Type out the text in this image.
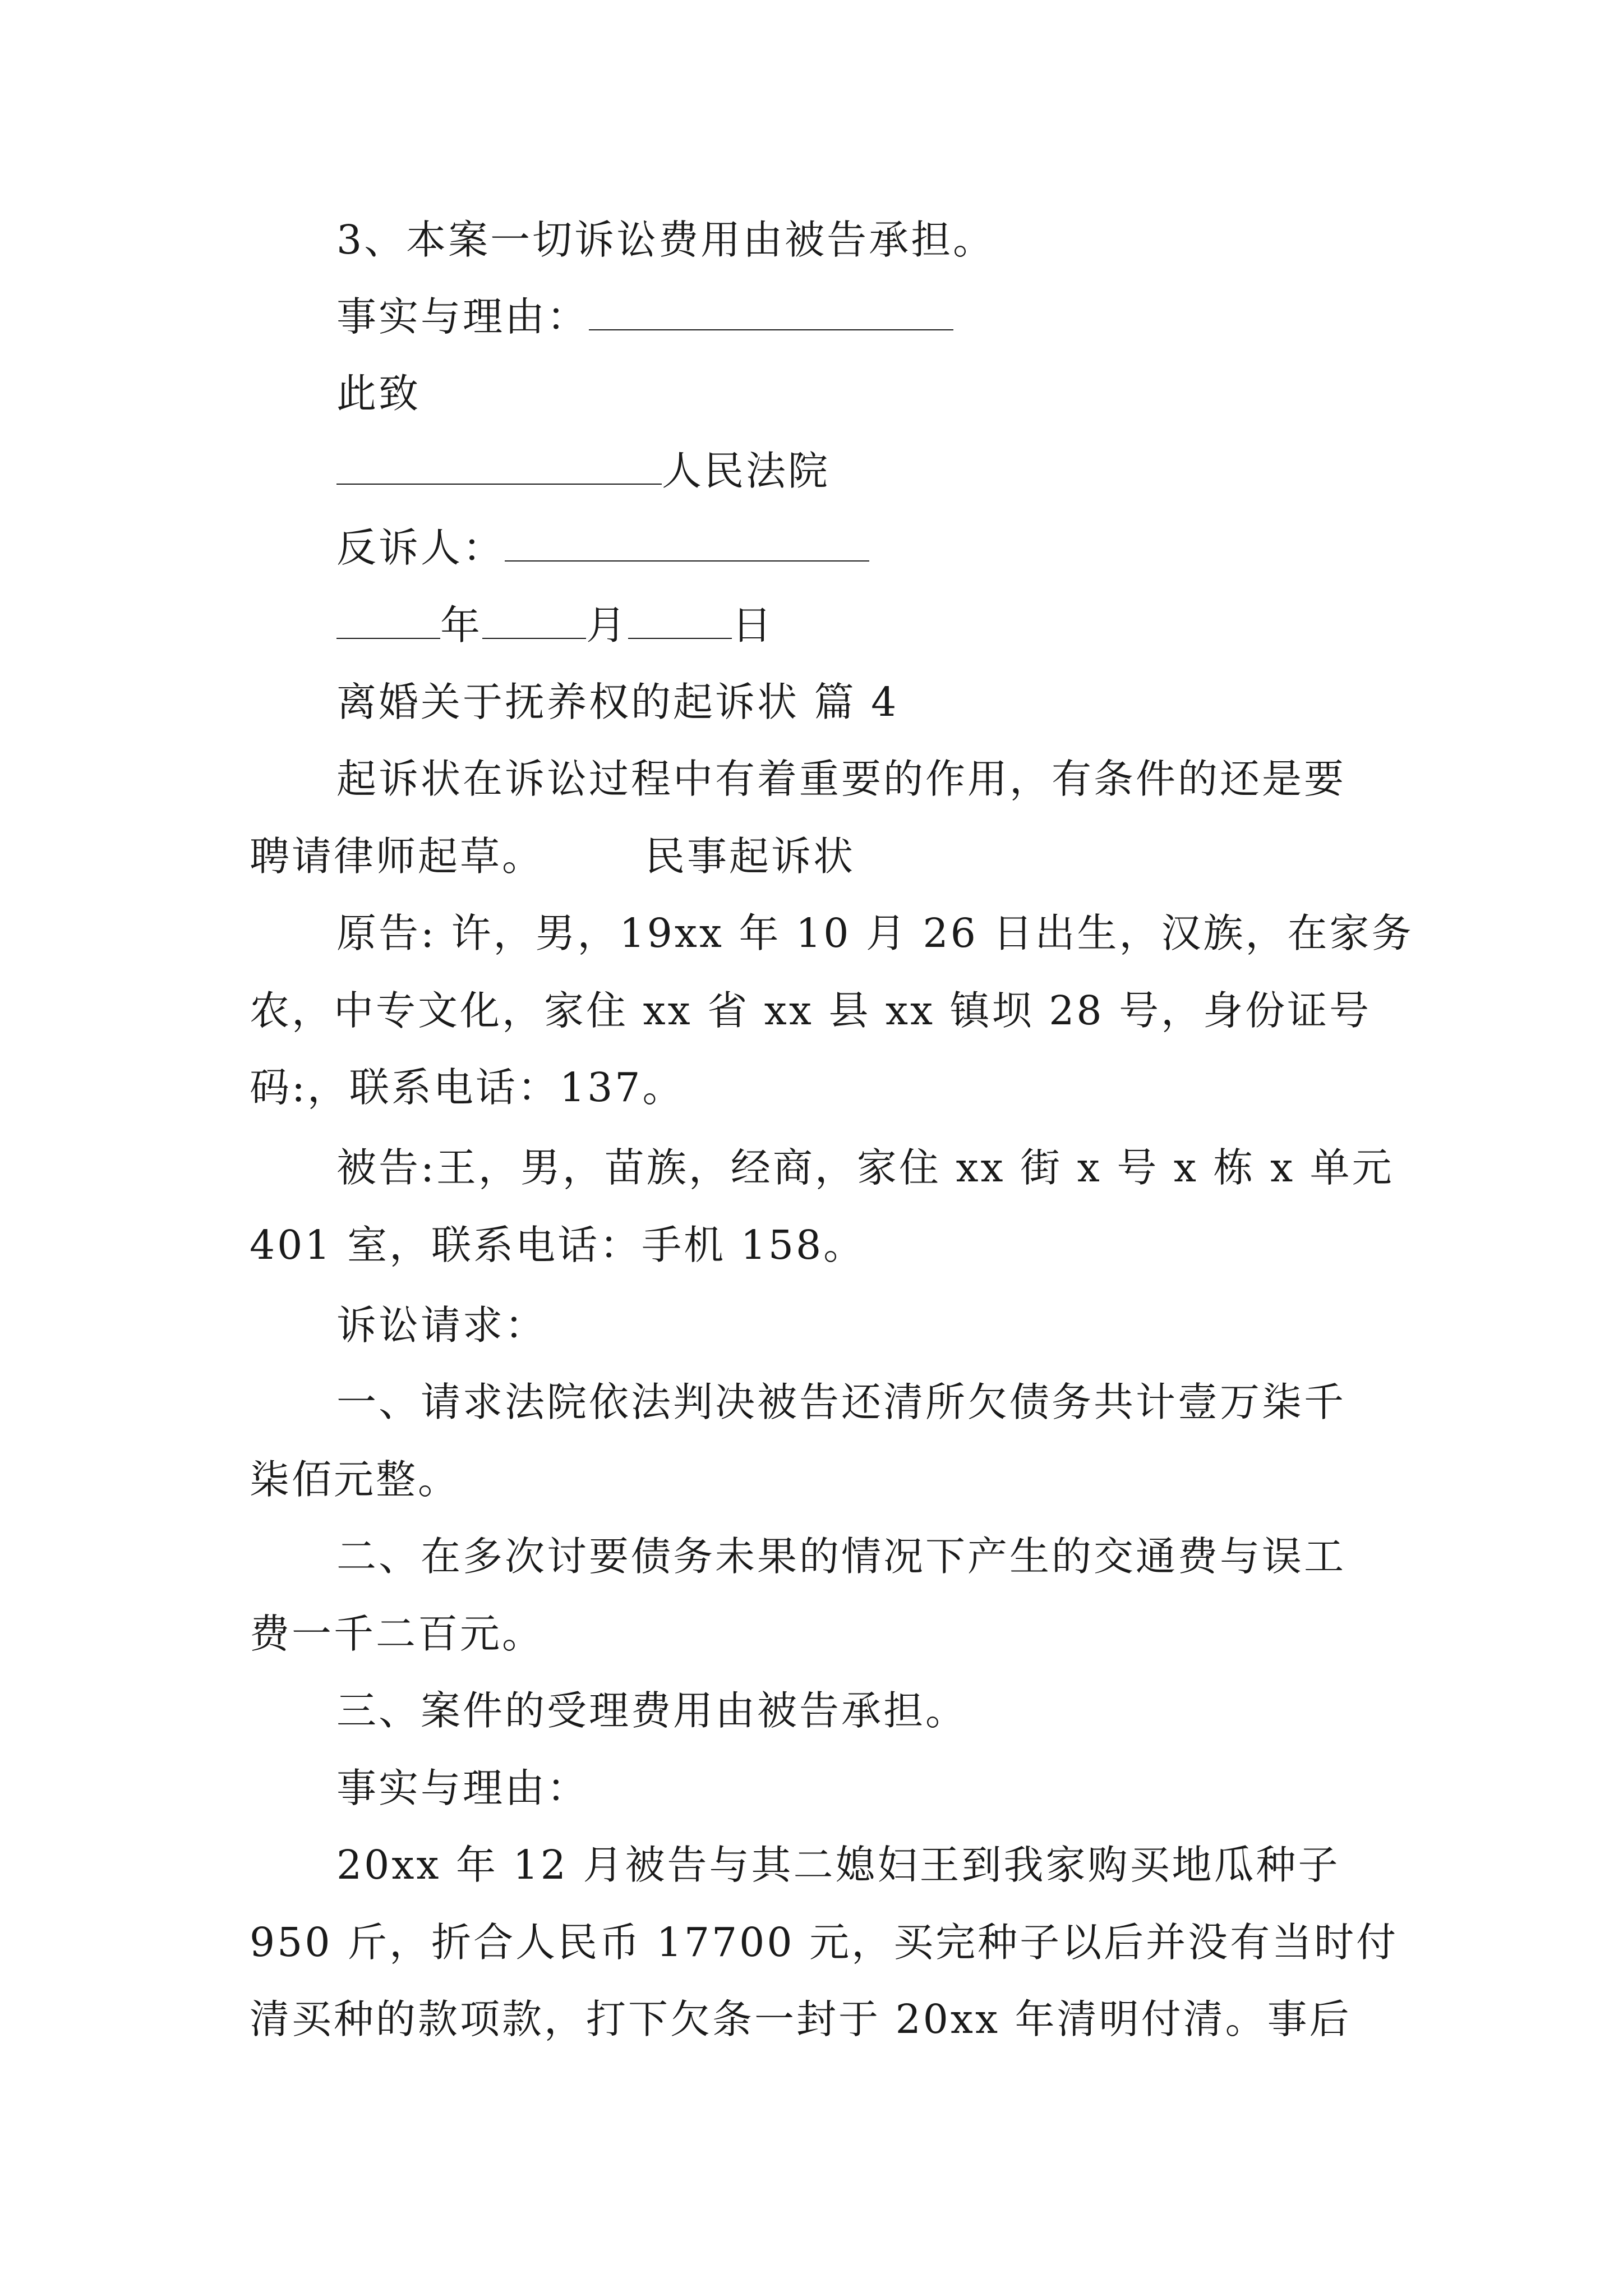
3、本案一切诉讼费用由被告承担。
事实与理由：
此致
人民法院
反诉人：
年	月	日
离婚关于抚养权的起诉状 篇 4
起诉状在诉讼过程中有着重要的作用，有条件的还是要
聘请律师起草。	民事起诉状
原告: 许，男，19xx 年 10 月 26 日出生，汉族，在家务
农，中专文化，家住 xx 省 xx 县 xx 镇坝 28 号，身份证号
码:，联系电话：137。
被告:王，男，苗族，经商，家住 xx 街 x 号 x 栋 x 单元
401 室，联系电话：手机 158。
诉讼请求：
一、请求法院依法判决被告还清所欠债务共计壹万柒千
柒佰元整。
二、在多次讨要债务未果的情况下产生的交通费与误工
费一千二百元。
三、案件的受理费用由被告承担。
事实与理由：
20xx 年 12 月被告与其二媳妇王到我家购买地瓜种子
950 斤，折合人民币 17700 元，买完种子以后并没有当时付
清买种的款项款，打下欠条一封于 20xx 年清明付清。事后
